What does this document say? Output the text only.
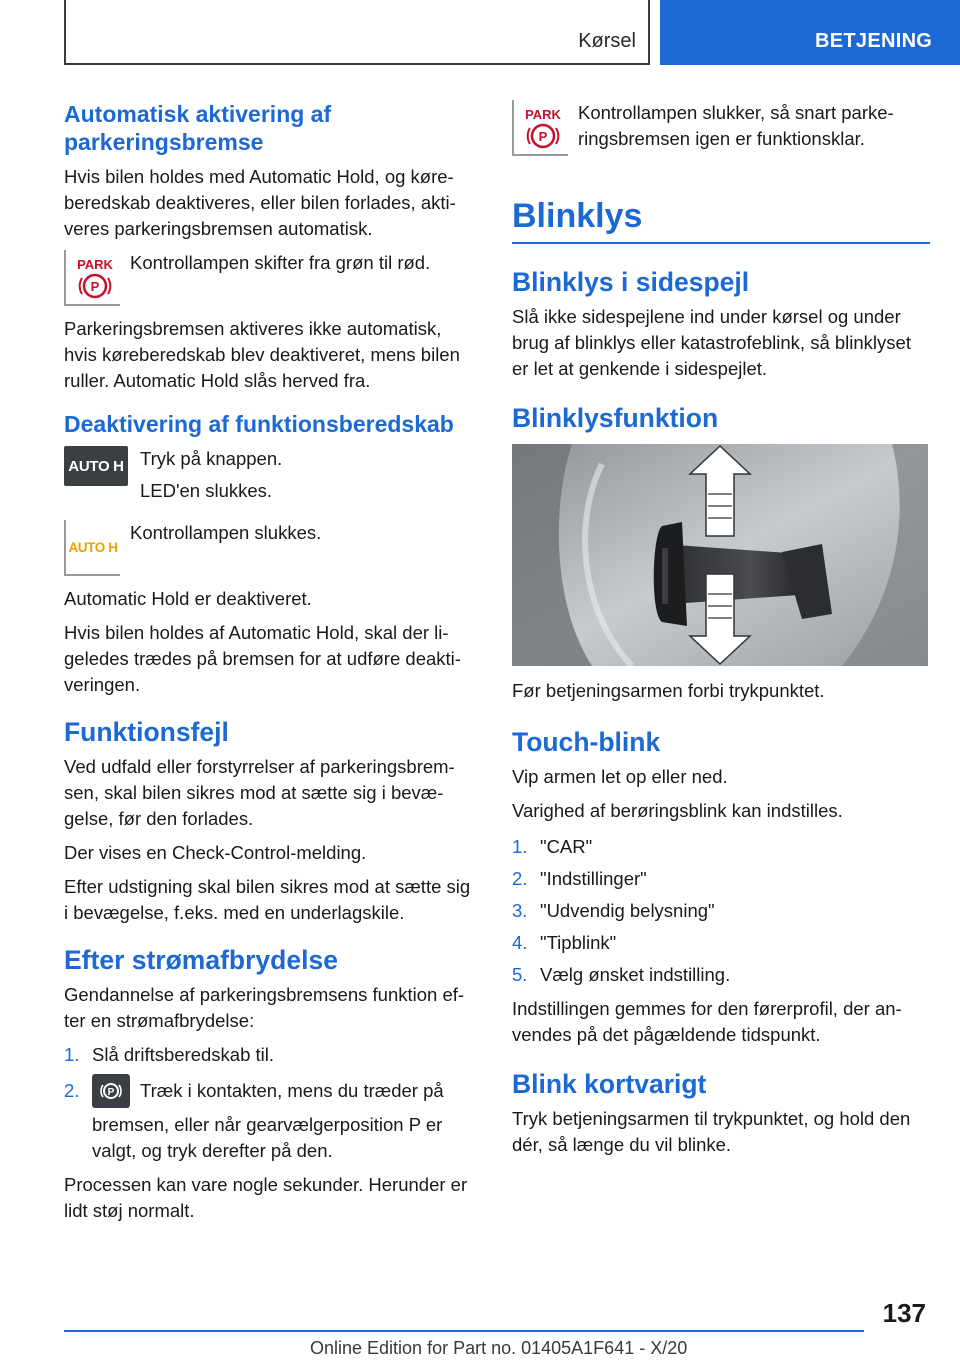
Kørsel	BETJENING
Automatisk aktivering af parkeringsbremse

Hvis bilen holdes med Automatic Hold, og køre-beredskab deaktiveres, eller bilen forlades, akti-veres parkeringsbremsen automatisk.

PARK
P

Kontrollampen skifter fra grøn til rød.

Parkeringsbremsen aktiveres ikke automatisk, hvis køreberedskab blev deaktiveret, mens bilen ruller. Automatic Hold slås herved fra.

Deaktivering af funktionsberedskab
AUTO H Tryk på knappen.

LED'en slukkes.

AUTO H

Kontrollampen slukkes.

Automatic Hold er deaktiveret.

Hvis bilen holdes af Automatic Hold, skal der li-geledes trædes på bremsen for at udføre deakti-veringen.

Funktionsfejl

Ved udfald eller forstyrrelser af parkeringsbrem-sen, skal bilen sikres mod at sætte sig i bevæ-gelse, før den forlades.

Der vises en Check-Control-melding.

Efter udstigning skal bilen sikres mod at sætte sig i bevægelse, f.eks. med en underlagskile.

Efter strømafbrydelse

Gendannelse af parkeringsbremsens funktion ef-ter en strømafbrydelse:

1. Slå driftsberedskab til.
2.	P Træk i kontakten, mens du træder på bremsen, eller når gearvælgerposition P er valgt, og tryk derefter på den.

Processen kan vare nogle sekunder. Herunder er lidt støj normalt.

PARK
P

Kontrollampen slukker, så snart parke-ringsbremsen igen er funktionsklar.

Blinklys
Blinklys i sidespejl

Slå ikke sidespejlene ind under kørsel og under brug af blinklys eller katastrofeblink, så blinklyset er let at genkende i sidespejlet.

Blinklysfunktion

Før betjeningsarmen forbi trykpunktet.

Touch-blink

Vip armen let op eller ned.

Varighed af berøringsblink kan indstilles.

1. "CAR"
2. "Indstillinger"
3. "Udvendig belysning"
4. "Tipblink"
5. Vælg ønsket indstilling.

Indstillingen gemmes for den førerprofil, der an-vendes på det pågældende tidspunkt.

Blink kortvarigt

Tryk betjeningsarmen til trykpunktet, og hold den dér, så længe du vil blinke.

137
Online Edition for Part no. 01405A1F641 - X/20
